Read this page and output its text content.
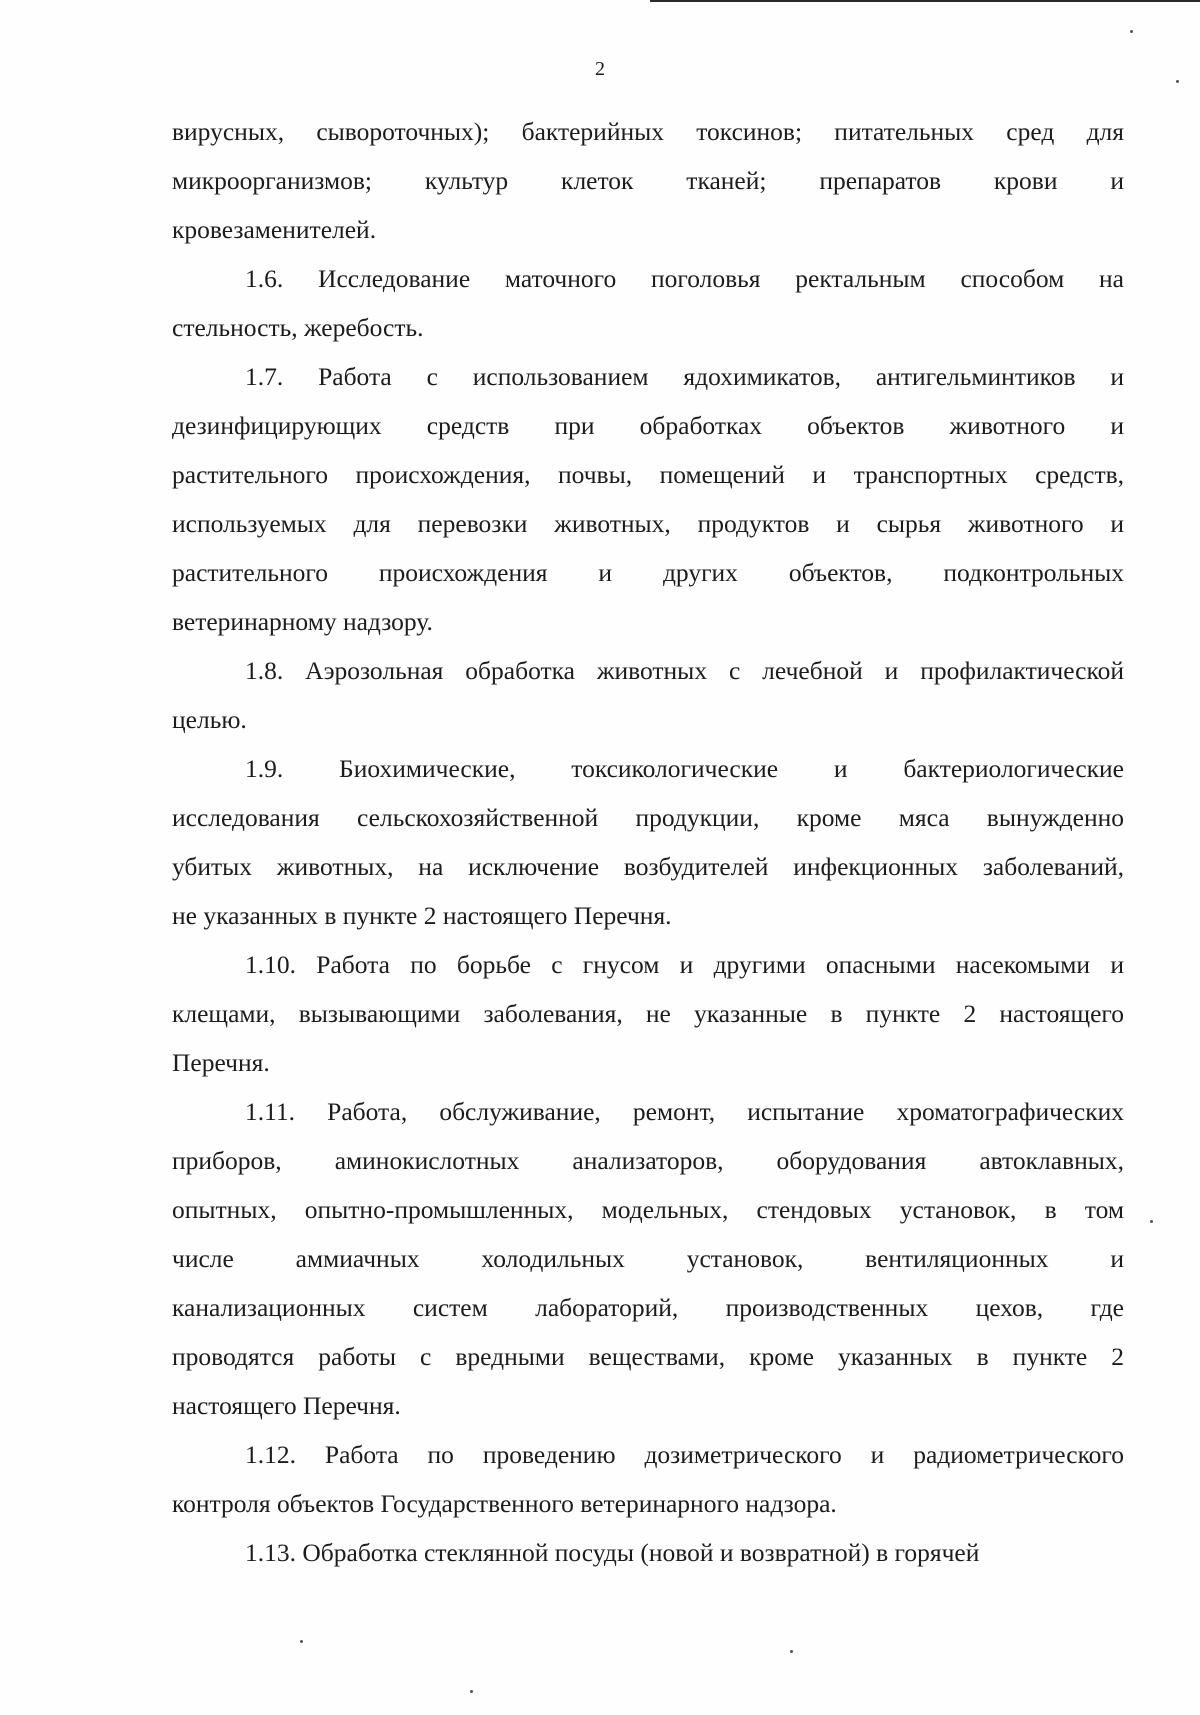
2
вирусных, сывороточных); бактерийных токсинов; питательных сред для
микроорганизмов; культур клеток тканей; препаратов крови и
кровезаменителей.
1.6. Исследование маточного поголовья ректальным способом на
стельность, жеребость.
1.7. Работа с использованием ядохимикатов, антигельминтиков и
дезинфицирующих средств при обработках объектов животного и
растительного происхождения, почвы, помещений и транспортных средств,
используемых для перевозки животных, продуктов и сырья животного и
растительного происхождения и других объектов, подконтрольных
ветеринарному надзору.
1.8. Аэрозольная обработка животных с лечебной и профилактической
целью.
1.9. Биохимические, токсикологические и бактериологические
исследования сельскохозяйственной продукции, кроме мяса вынужденно
убитых животных, на исключение возбудителей инфекционных заболеваний,
не указанных в пункте 2 настоящего Перечня.
1.10. Работа по борьбе с гнусом и другими опасными насекомыми и
клещами, вызывающими заболевания, не указанные в пункте 2 настоящего
Перечня.
1.11. Работа, обслуживание, ремонт, испытание хроматографических
приборов, аминокислотных анализаторов, оборудования автоклавных,
опытных, опытно-промышленных, модельных, стендовых установок, в том
числе аммиачных холодильных установок, вентиляционных и
канализационных систем лабораторий, производственных цехов, где
проводятся работы с вредными веществами, кроме указанных в пункте 2
настоящего Перечня.
1.12. Работа по проведению дозиметрического и радиометрического
контроля объектов Государственного ветеринарного надзора.
1.13. Обработка стеклянной посуды (новой и возвратной) в горячей
